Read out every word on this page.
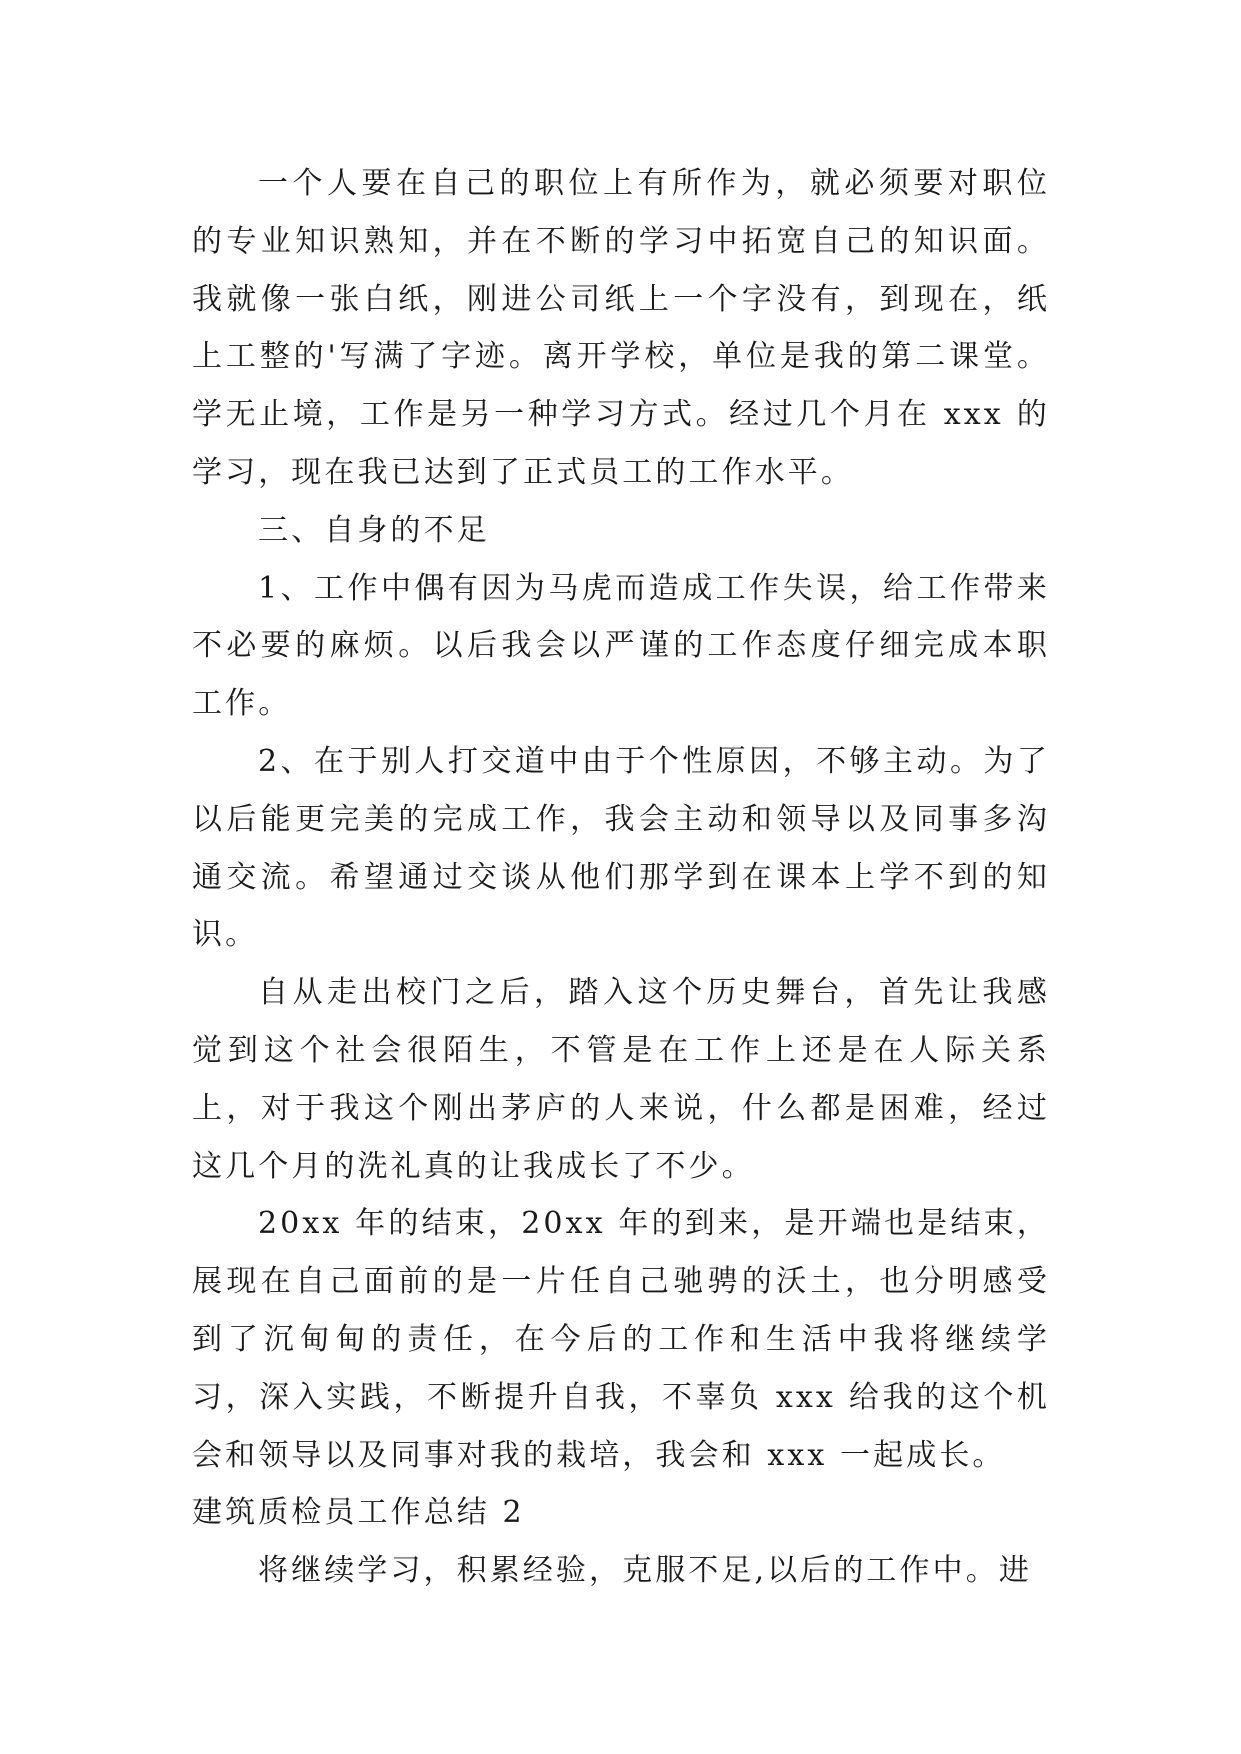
一个人要在自己的职位上有所作为，就必须要对职位的专业知识熟知，并在不断的学习中拓宽自己的知识面。我就像一张白纸，刚进公司纸上一个字没有，到现在，纸上工整的'写满了字迹。离开学校，单位是我的第二课堂。学无止境，工作是另一种学习方式。经过几个月在 xxx 的学习，现在我已达到了正式员工的工作水平。

三、自身的不足

1、工作中偶有因为马虎而造成工作失误，给工作带来不必要的麻烦。以后我会以严谨的工作态度仔细完成本职工作。

2、在于别人打交道中由于个性原因，不够主动。为了以后能更完美的完成工作，我会主动和领导以及同事多沟通交流。希望通过交谈从他们那学到在课本上学不到的知识。

自从走出校门之后，踏入这个历史舞台，首先让我感觉到这个社会很陌生，不管是在工作上还是在人际关系上，对于我这个刚出茅庐的人来说，什么都是困难，经过这几个月的洗礼真的让我成长了不少。

20xx 年的结束，20xx 年的到来，是开端也是结束，展现在自己面前的是一片任自己驰骋的沃土，也分明感受到了沉甸甸的责任，在今后的工作和生活中我将继续学习，深入实践，不断提升自我，不辜负 xxx 给我的这个机会和领导以及同事对我的栽培，我会和 xxx 一起成长。

建筑质检员工作总结 2

将继续学习，积累经验，克服不足,以后的工作中。进
